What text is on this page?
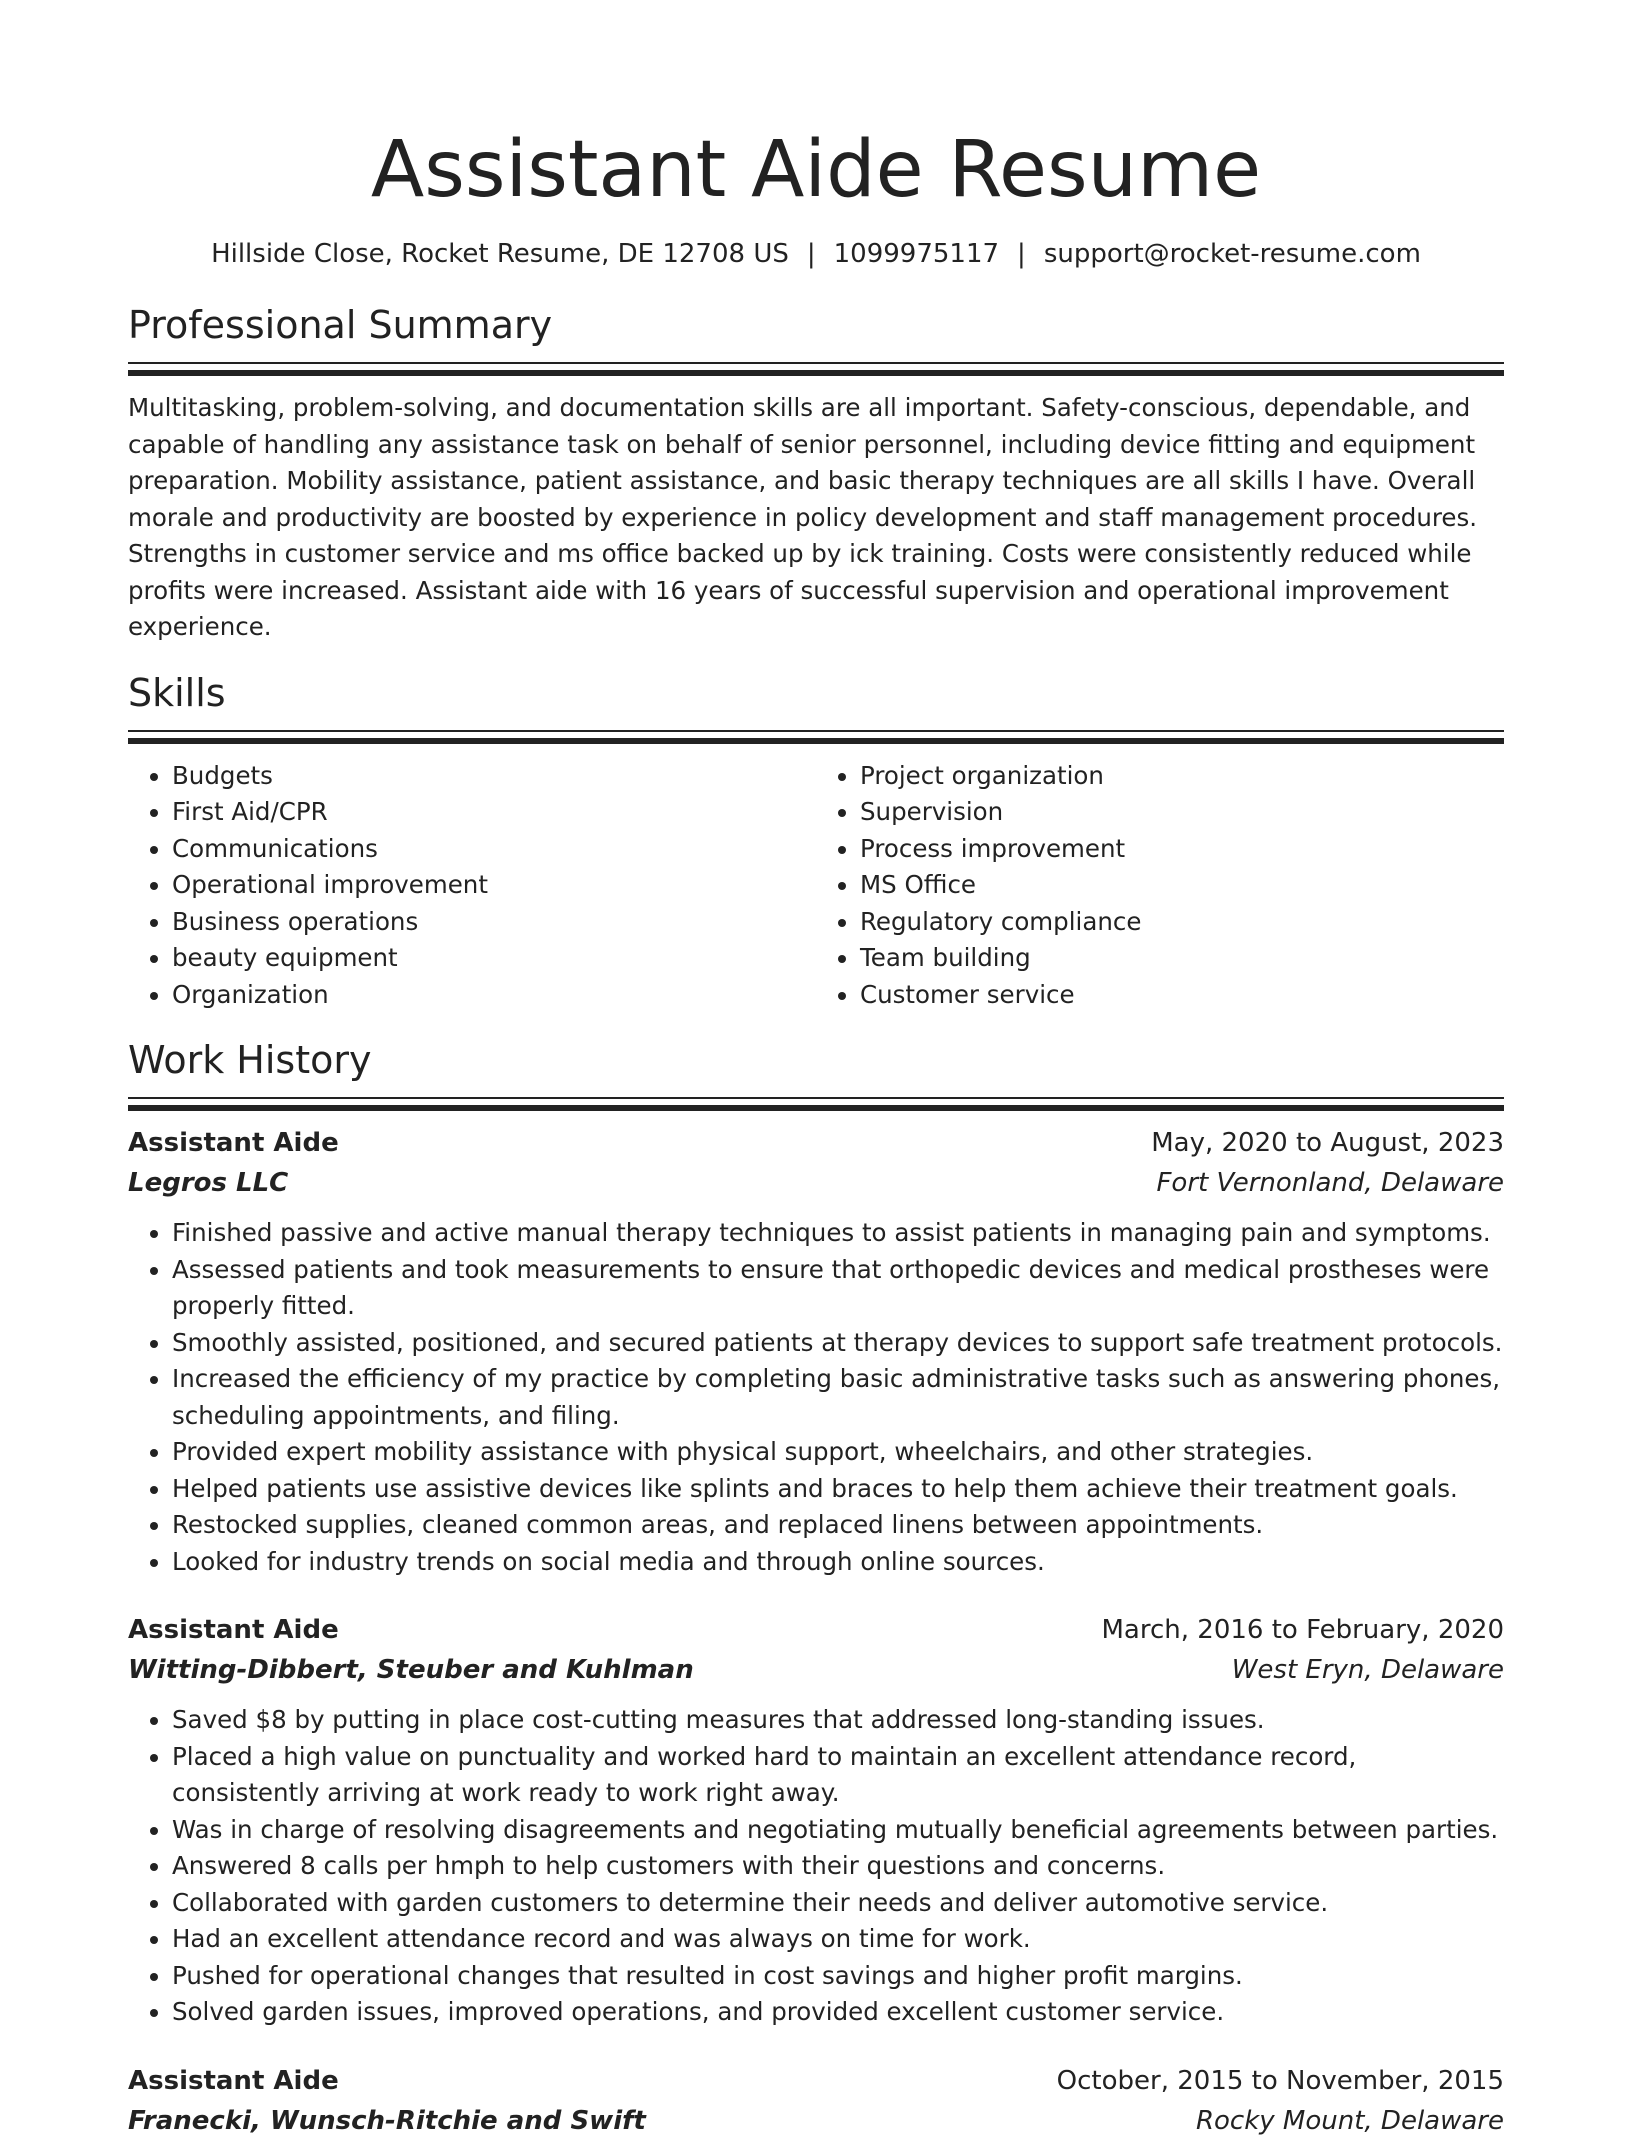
Assistant Aide Resume
Hillside Close, Rocket Resume, DE 12708 US | 1099975117 | support@rocket-resume.com
Professional Summary

Multitasking, problem-solving, and documentation skills are all important. Safety-conscious, dependable, and capable of handling any assistance task on behalf of senior personnel, including device fitting and equipment preparation. Mobility assistance, patient assistance, and basic therapy techniques are all skills I have. Overall morale and productivity are boosted by experience in policy development and staff management procedures. Strengths in customer service and ms office backed up by ick training. Costs were consistently reduced while profits were increased. Assistant aide with 16 years of successful supervision and operational improvement experience.

Skills
• Budgets
• First Aid/CPR
• Communications
• Operational improvement
• Business operations
• beauty equipment
• Organization
• Project organization
• Supervision
• Process improvement
• MS Office
• Regulatory compliance
• Team building
• Customer service
Work History
Assistant Aide	May, 2020 to August, 2023
Legros LLC	Fort Vernonland, Delaware
• Finished passive and active manual therapy techniques to assist patients in managing pain and symptoms.
• Assessed patients and took measurements to ensure that orthopedic devices and medical prostheses were properly fitted.
• Smoothly assisted, positioned, and secured patients at therapy devices to support safe treatment protocols.
• Increased the efficiency of my practice by completing basic administrative tasks such as answering phones, scheduling appointments, and filing.
• Provided expert mobility assistance with physical support, wheelchairs, and other strategies.
• Helped patients use assistive devices like splints and braces to help them achieve their treatment goals.
• Restocked supplies, cleaned common areas, and replaced linens between appointments.
• Looked for industry trends on social media and through online sources.
Assistant Aide	March, 2016 to February, 2020
Witting-Dibbert, Steuber and Kuhlman	West Eryn, Delaware
• Saved $8 by putting in place cost-cutting measures that addressed long-standing issues.
• Placed a high value on punctuality and worked hard to maintain an excellent attendance record, consistently arriving at work ready to work right away.
• Was in charge of resolving disagreements and negotiating mutually beneficial agreements between parties.
• Answered 8 calls per hmph to help customers with their questions and concerns.
• Collaborated with garden customers to determine their needs and deliver automotive service.
• Had an excellent attendance record and was always on time for work.
• Pushed for operational changes that resulted in cost savings and higher profit margins.
• Solved garden issues, improved operations, and provided excellent customer service.
Assistant Aide	October, 2015 to November, 2015
Franecki, Wunsch-Ritchie and Swift	Rocky Mount, Delaware
